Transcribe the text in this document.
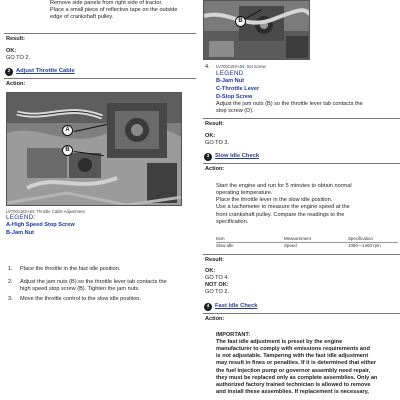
Remove side panels from right side of tractor.
Place a small piece of reflective tape on the outside
edge of crankshaft pulley.
Result:
OK:
GO TO 2.
2 Adjust Throttle Cable
Action:
A
B
LV7001182-UN: Throttle Cable Adjustment
LEGEND:
A-High Speed Stop Screw
B-Jam Nut
1. Place the throttle in the fast idle position.
2. Adjust the jam nuts (B) so the throttle lever tab contacts the
high speed stop screw (B). Tighten the jam nuts.
3. Move the throttle control to the slow idle position.
B
4. LV7001183-UN: Set Screw
LEGEND
B-Jam Nut
C-Throttle Lever
D-Stop Screw
Adjust the jam nuts (B) so the throttle lever tab contacts the
stop screw (D).
Result:
OK:
GO TO 3.
3 Slow Idle Check
Action:
Start the engine and run for 5 minutes to obtain normal
operating temperature.
Place the throttle lever in the slow idle position.
Use a tachometer to measure the engine speed at the
front crankshaft pulley. Compare the readings to the
specification.
Item	Measurement	Specification
Slow idle	Speed	1050—1400 rpm
Result:
OK:
GO TO 4.
NOT OK:
GO TO 2.
4 Fast Idle Check
Action:
IMPORTANT:
The fast idle adjustment is preset by the engine
manufacturer to comply with emissions requirements and
is not adjustable. Tampering with the fast idle adjustment
may result in fines or penalties. If it is determined that either
the fuel injection pump or governor assembly need repair,
they must be replaced only as complete assemblies. Only an
authorized factory trained technician is allowed to remove
and install these assemblies. If replacement is necessary,
